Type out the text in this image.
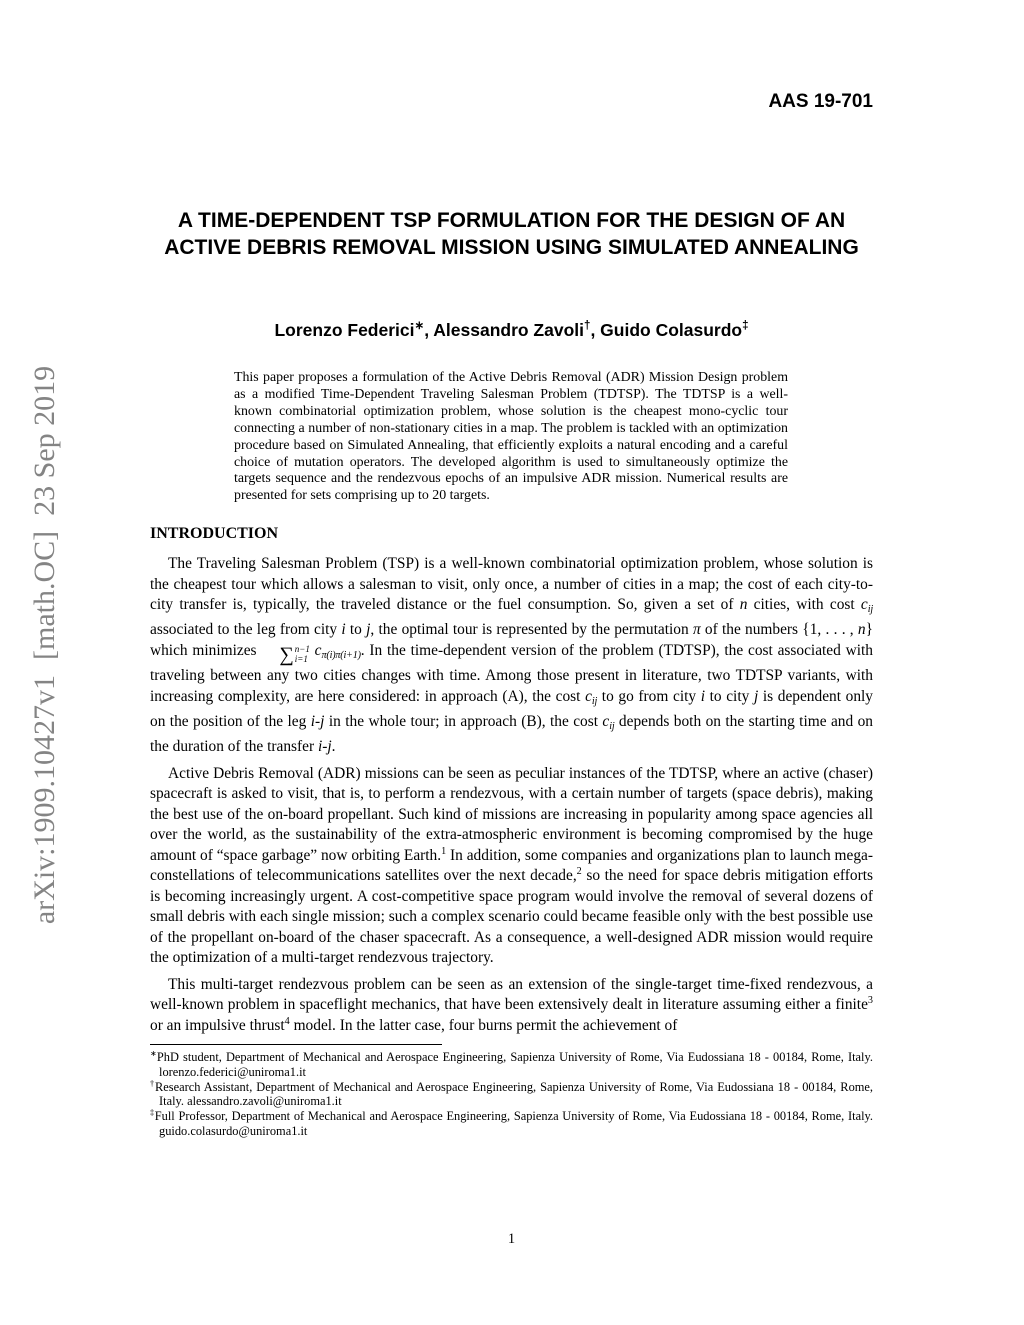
AAS 19-701
A TIME-DEPENDENT TSP FORMULATION FOR THE DESIGN OF AN ACTIVE DEBRIS REMOVAL MISSION USING SIMULATED ANNEALING
Lorenzo Federici∗, Alessandro Zavoli†, Guido Colasurdo‡
This paper proposes a formulation of the Active Debris Removal (ADR) Mission Design problem as a modified Time-Dependent Traveling Salesman Problem (TDTSP). The TDTSP is a well-known combinatorial optimization problem, whose solution is the cheapest mono-cyclic tour connecting a number of non-stationary cities in a map. The problem is tackled with an optimization procedure based on Simulated Annealing, that efficiently exploits a natural encoding and a careful choice of mutation operators. The developed algorithm is used to simultaneously optimize the targets sequence and the rendezvous epochs of an impulsive ADR mission. Numerical results are presented for sets comprising up to 20 targets.
INTRODUCTION

The Traveling Salesman Problem (TSP) is a well-known combinatorial optimization problem, whose solution is the cheapest tour which allows a salesman to visit, only once, a number of cities in a map; the cost of each city-to-city transfer is, typically, the traveled distance or the fuel consumption. So, given a set of n cities, with cost cij associated to the leg from city i to j, the optimal tour is represented by the permutation π of the numbers {1, . . . , n} which minimizes ∑ n−1
i=1 cπ(i)π(i+1). In the time-dependent version of the problem (TDTSP), the cost associated with traveling between any two cities changes with time. Among those present in literature, two TDTSP variants, with increasing complexity, are here considered: in approach (A), the cost cij to go from city i to city j is dependent only on the position of the leg i-j in the whole tour; in approach (B), the cost cij depends both on the starting time and on the duration of the transfer i-j.

Active Debris Removal (ADR) missions can be seen as peculiar instances of the TDTSP, where an active (chaser) spacecraft is asked to visit, that is, to perform a rendezvous, with a certain number of targets (space debris), making the best use of the on-board propellant. Such kind of missions are increasing in popularity among space agencies all over the world, as the sustainability of the extra-atmospheric environment is becoming compromised by the huge amount of “space garbage” now orbiting Earth.$^1$ In addition, some companies and organizations plan to launch mega-constellations of telecommunications satellites over the next decade,$^2$ so the need for space debris mitigation efforts is becoming increasingly urgent. A cost-competitive space program would involve the removal of several dozens of small debris with each single mission; such a complex scenario could became feasible only with the best possible use of the propellant on-board of the chaser spacecraft. As a consequence, a well-designed ADR mission would require the optimization of a multi-target rendezvous trajectory.

This multi-target rendezvous problem can be seen as an extension of the single-target time-fixed rendezvous, a well-known problem in spaceflight mechanics, that have been extensively dealt in literature assuming either a finite$^3$ or an impulsive thrust$^4$ model. In the latter case, four burns permit the achievement of

∗PhD student, Department of Mechanical and Aerospace Engineering, Sapienza University of Rome, Via Eudossiana 18 - 00184, Rome, Italy. lorenzo.federici@uniroma1.it
†Research Assistant, Department of Mechanical and Aerospace Engineering, Sapienza University of Rome, Via Eudossiana 18 - 00184, Rome, Italy. alessandro.zavoli@uniroma1.it
‡Full Professor, Department of Mechanical and Aerospace Engineering, Sapienza University of Rome, Via Eudossiana 18 - 00184, Rome, Italy. guido.colasurdo@uniroma1.it
1
arXiv:1909.10427v1  [math.OC]  23 Sep 2019
